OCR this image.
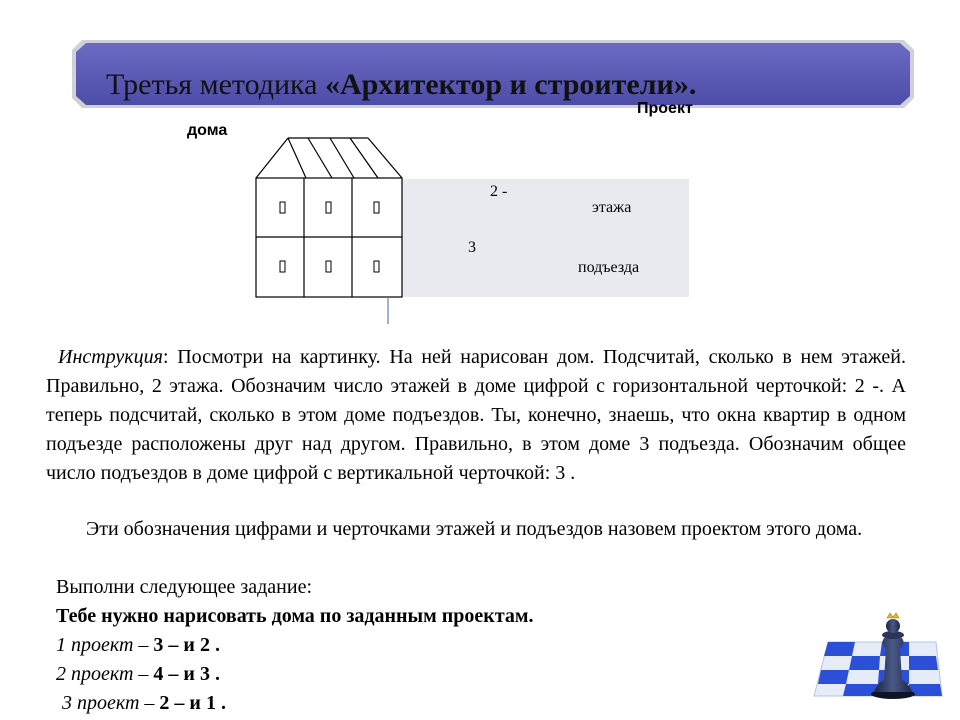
Третья методика «Архитектор и строители».
Проект
дома
2 -
этажа
3
подъезда
Инструкция: Посмотри на картинку. На ней нарисован дом. Подсчитай, сколько в нем этажей. Правильно, 2 этажа. Обозначим число этажей в доме цифрой с горизонтальной черточкой: 2 ‐. А теперь подсчитай, сколько в этом доме подъездов. Ты, конечно, знаешь, что окна квартир в одном подъезде расположены друг над другом. Правильно, в этом доме 3 подъезда. Обозначим общее число подъездов в доме цифрой с вертикальной черточкой: 3 .
Эти обозначения цифрами и черточками этажей и подъездов назовем проектом этого дома.
Выполни следующее задание:
Тебе нужно нарисовать дома по заданным проектам.
1 проект – 3 – и 2 .
2 проект – 4 – и 3 .
3 проект – 2 – и 1 .
